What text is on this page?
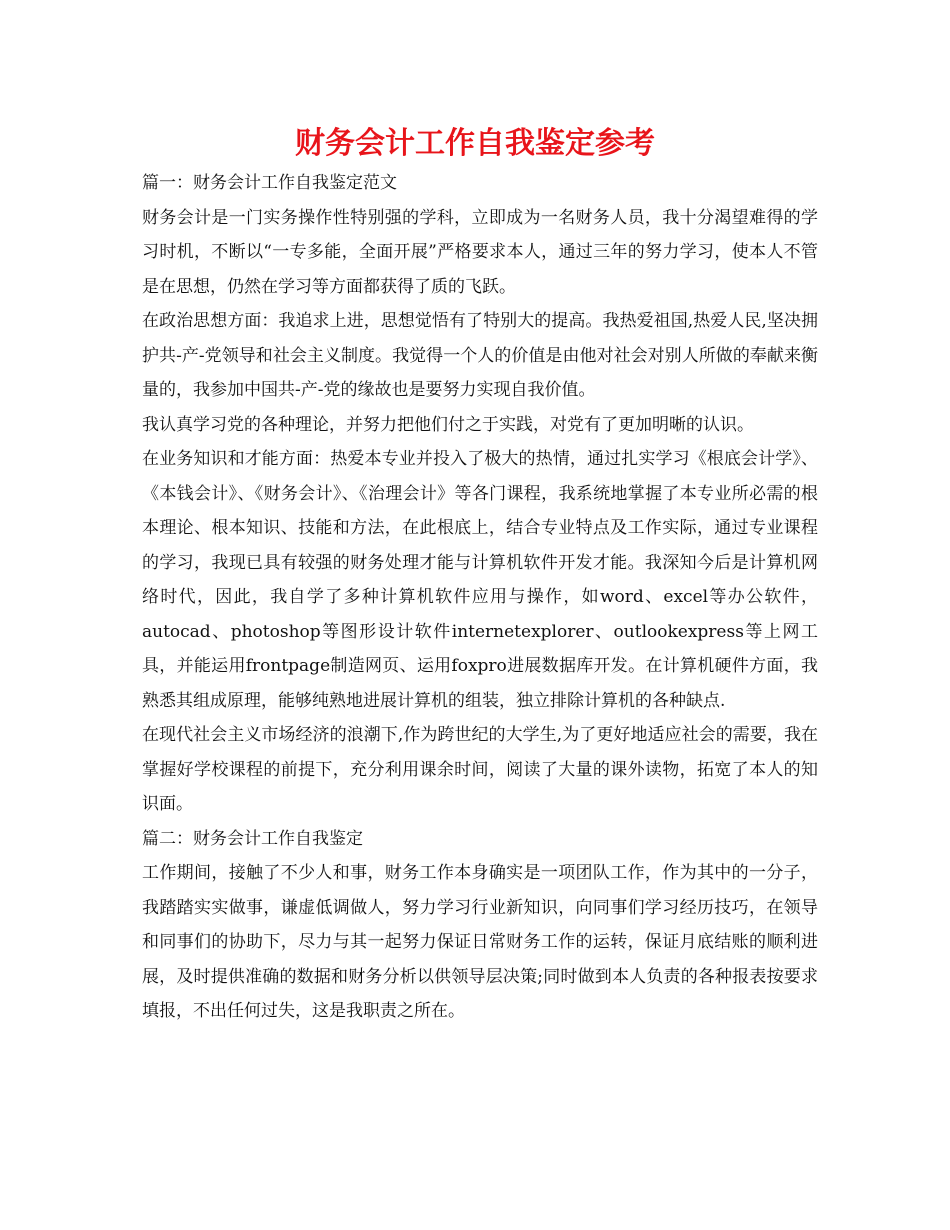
财务会计工作自我鉴定参考

篇一：财务会计工作自我鉴定范文

财务会计是一门实务操作性特别强的学科，立即成为一名财务人员，我十分渴望难得的学习时机，不断以“一专多能，全面开展”严格要求本人，通过三年的努力学习，使本人不管是在思想，仍然在学习等方面都获得了质的飞跃。

在政治思想方面：我追求上进，思想觉悟有了特别大的提高。我热爱祖国,热爱人民,坚决拥护共-产-党领导和社会主义制度。我觉得一个人的价值是由他对社会对别人所做的奉献来衡量的，我参加中国共-产-党的缘故也是要努力实现自我价值。

我认真学习党的各种理论，并努力把他们付之于实践，对党有了更加明晰的认识。

在业务知识和才能方面：热爱本专业并投入了极大的热情，通过扎实学习《根底会计学》、《本钱会计》、《财务会计》、《治理会计》等各门课程，我系统地掌握了本专业所必需的根本理论、根本知识、技能和方法，在此根底上，结合专业特点及工作实际，通过专业课程的学习，我现已具有较强的财务处理才能与计算机软件开发才能。我深知今后是计算机网络时代，因此，我自学了多种计算机软件应用与操作，如word、excel等办公软件，autocad、photoshop等图形设计软件internetexplorer、outlookexpress等上网工具，并能运用frontpage制造网页、运用foxpro进展数据库开发。在计算机硬件方面，我熟悉其组成原理，能够纯熟地进展计算机的组装，独立排除计算机的各种缺点.

在现代社会主义市场经济的浪潮下,作为跨世纪的大学生,为了更好地适应社会的需要，我在掌握好学校课程的前提下，充分利用课余时间，阅读了大量的课外读物，拓宽了本人的知识面。

篇二：财务会计工作自我鉴定

工作期间，接触了不少人和事，财务工作本身确实是一项团队工作，作为其中的一分子，我踏踏实实做事，谦虚低调做人，努力学习行业新知识，向同事们学习经历技巧，在领导和同事们的协助下，尽力与其一起努力保证日常财务工作的运转，保证月底结账的顺利进展，及时提供准确的数据和财务分析以供领导层决策;同时做到本人负责的各种报表按要求填报，不出任何过失，这是我职责之所在。
